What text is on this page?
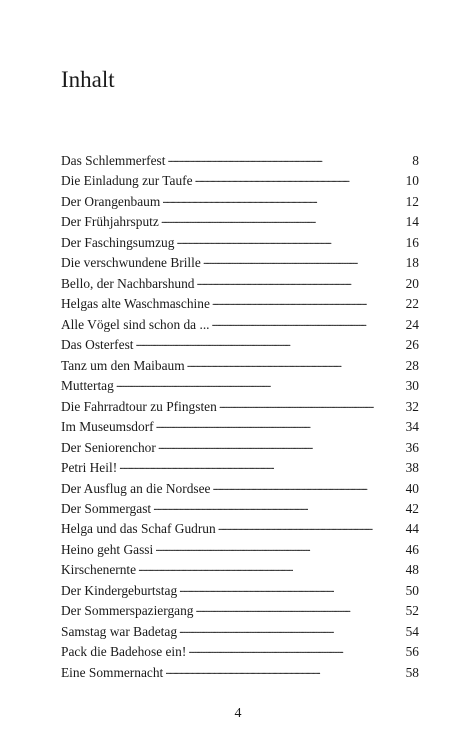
Inhalt
Das Schlemmerfest . . .	8
Die Einladung zur Taufe . . .	10
Der Orangenbaum . . .	12
Der Frühjahrsputz . . .	14
Der Faschingsumzug . . .	16
Die verschwundene Brille . . .	18
Bello, der Nachbarshund . . .	20
Helgas alte Waschmaschine . . .	22
Alle Vögel sind schon da ... . . .	24
Das Osterfest . . .	26
Tanz um den Maibaum . . .	28
Muttertag . . .	30
Die Fahrradtour zu Pfingsten . . .	32
Im Museumsdorf . . .	34
Der Seniorenchor . . .	36
Petri Heil! . . .	38
Der Ausflug an die Nordsee . . .	40
Der Sommergast . . .	42
Helga und das Schaf Gudrun . . .	44
Heino geht Gassi . . .	46
Kirschenernte . . .	48
Der Kindergeburtstag . . .	50
Der Sommerspaziergang . . .	52
Samstag war Badetag . . .	54
Pack die Badehose ein! . . .	56
Eine Sommernacht . . .	58
4
